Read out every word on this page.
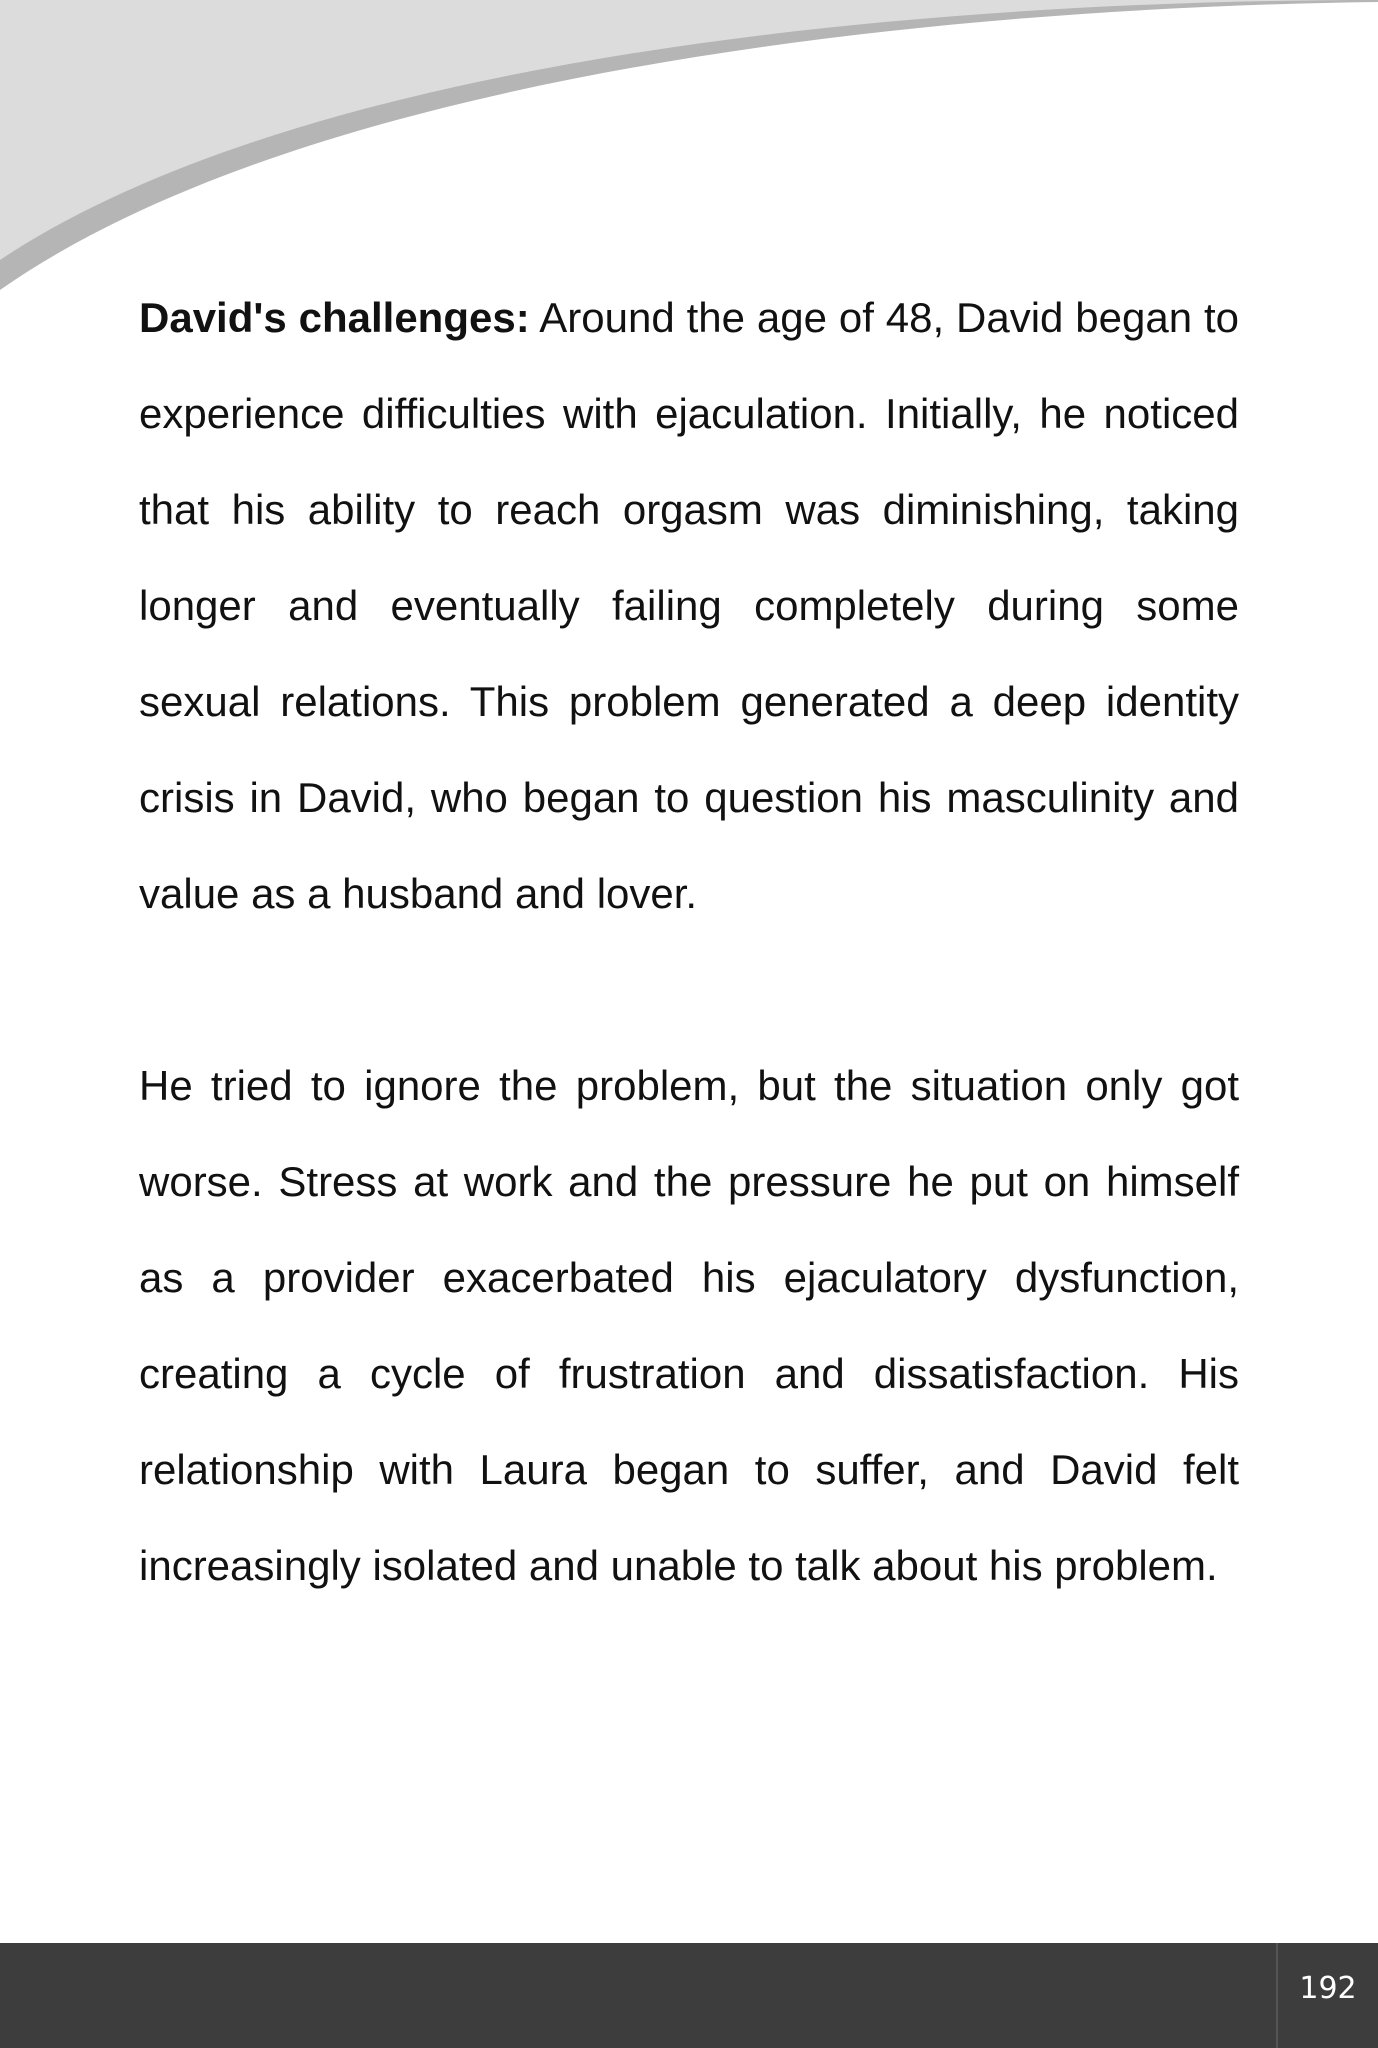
David's challenges: Around the age of 48, David began to experience difficulties with ejaculation. Initially, he noticed that his ability to reach orgasm was diminishing, taking longer and eventually failing completely during some sexual relations. This problem generated a deep identity crisis in David, who began to question his masculinity and value as a husband and lover.

He tried to ignore the problem, but the situation only got worse. Stress at work and the pressure he put on himself as a provider exacerbated his ejaculatory dysfunction, creating a cycle of frustration and dissatisfaction. His relationship with Laura began to suffer, and David felt increasingly isolated and unable to talk about his problem.

192
